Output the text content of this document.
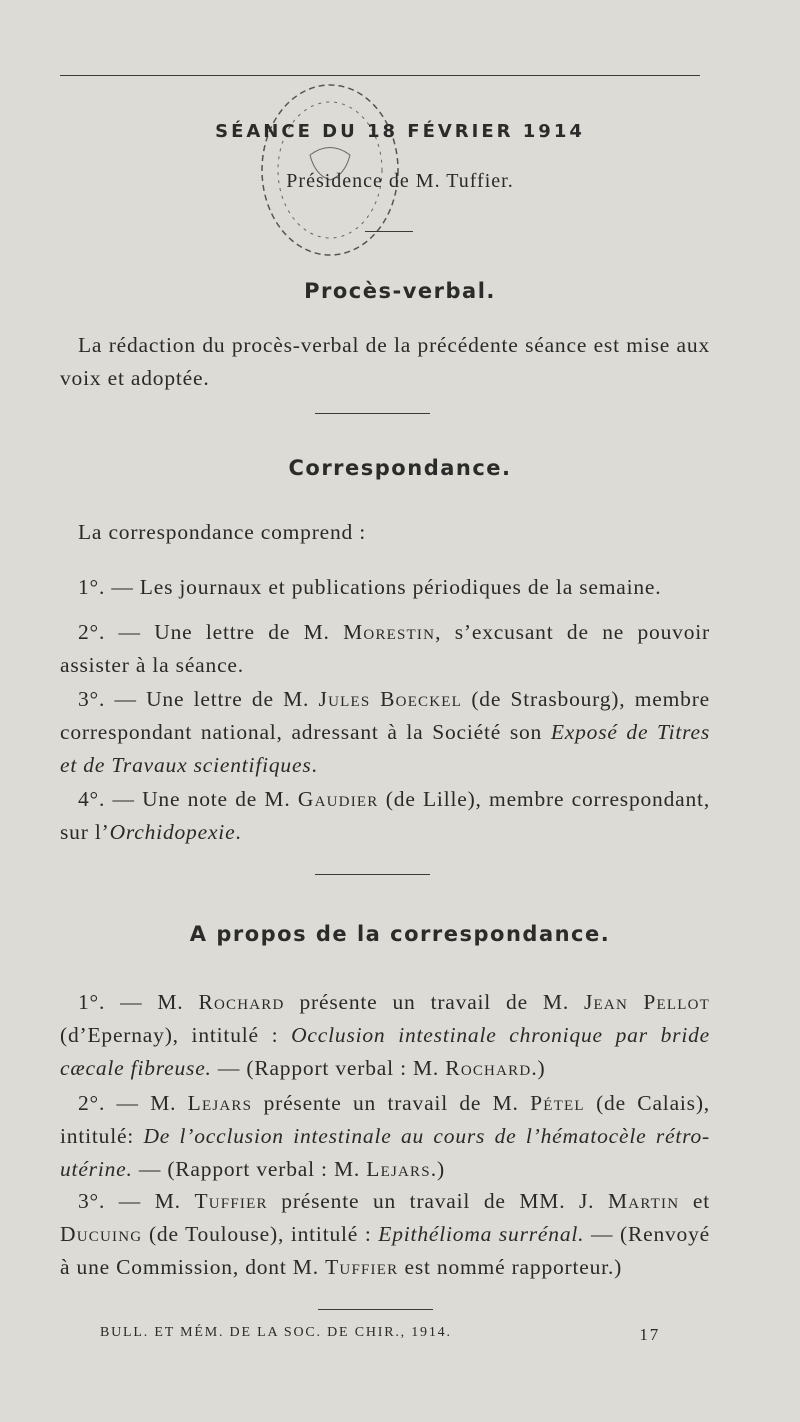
SÉANCE DU 18 FÉVRIER 1914
Présidence de M. Tuffier.
Procès-verbal.
La rédaction du procès-verbal de la précédente séance est mise aux voix et adoptée.
Correspondance.
La correspondance comprend :
1°. — Les journaux et publications périodiques de la semaine.
2°. — Une lettre de M. Morestin, s’excusant de ne pouvoir assister à la séance.
3°. — Une lettre de M. Jules Boeckel (de Strasbourg), membre correspondant national, adressant à la Société son Exposé de Titres et de Travaux scientifiques.
4°. — Une note de M. Gaudier (de Lille), membre correspondant, sur l’Orchidopexie.
A propos de la correspondance.
1°. — M. Rochard présente un travail de M. Jean Pellot (d’Epernay), intitulé : Occlusion intestinale chronique par bride cæcale fibreuse. — (Rapport verbal : M. Rochard.)
2°. — M. Lejars présente un travail de M. Pétel (de Calais), intitulé: De l’occlusion intestinale au cours de l’hématocèle rétro-utérine. — (Rapport verbal : M. Lejars.)
3°. — M. Tuffier présente un travail de MM. J. Martin et Ducuing (de Toulouse), intitulé : Epithélioma surrénal. — (Renvoyé à une Commission, dont M. Tuffier est nommé rapporteur.)
BULL. ET MÉM. DE LA SOC. DE CHIR., 1914.	17
